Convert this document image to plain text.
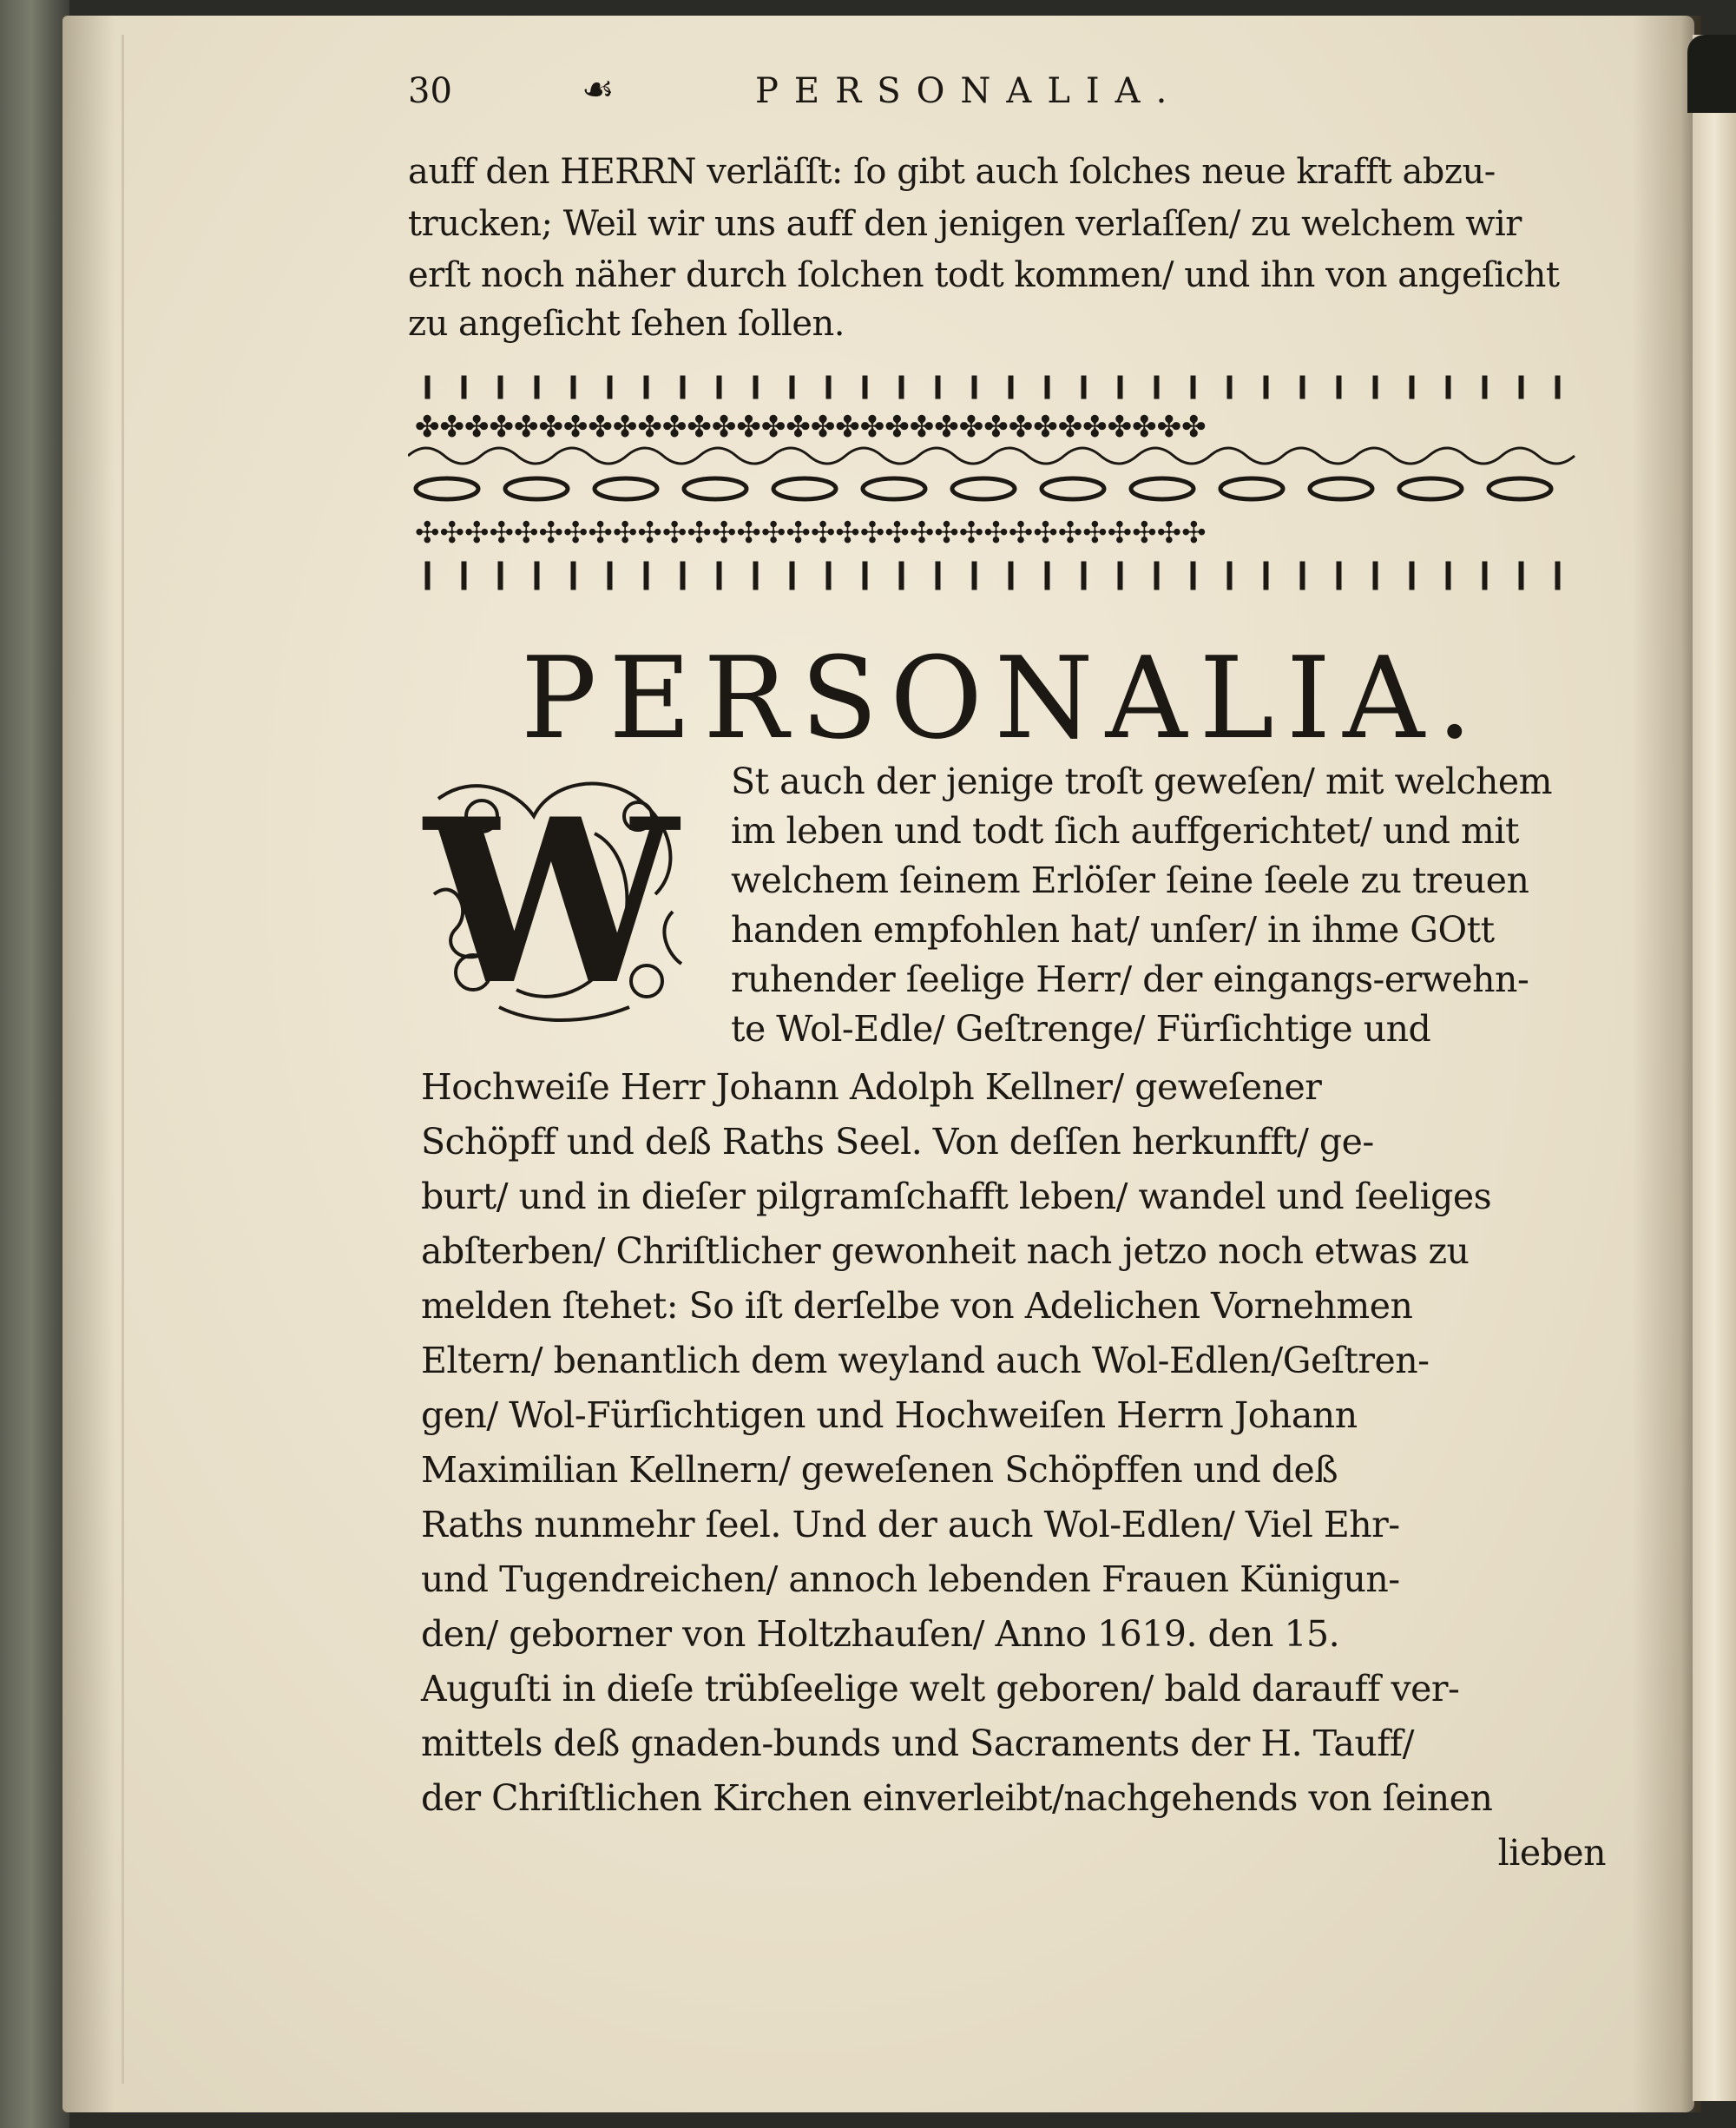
30	☙	PERSONALIA.
auff den HERRN verläſſt: ſo gibt auch ſolches neue krafft abzu‑
trucken; Weil wir uns auff den jenigen verlaſſen/ zu welchem wir
erſt noch näher durch ſolchen todt kommen/ und ihn von angeſicht
zu angeſicht ſehen ſollen.
✤✤✤✤✤✤✤✤✤✤✤✤✤✤✤✤✤✤✤✤✤✤✤✤✤✤✤✤✤✤✤✤
✣✣✣✣✣✣✣✣✣✣✣✣✣✣✣✣✣✣✣✣✣✣✣✣✣✣✣✣✣✣✣✣
PERSONALIA.
W St auch der jenige troſt geweſen/ mit welchem
im leben und todt ſich auffgerichtet/ und mit
welchem ſeinem Erlöſer ſeine ſeele zu treuen
handen empfohlen hat/ unſer/ in ihme GOtt
ruhender ſeelige Herr/ der eingangs‑erwehn‑
te Wol‑Edle/ Geſtrenge/ Fürſichtige und
Hochweiſe Herr Johann Adolph Kellner/ geweſener
Schöpff und deß Raths Seel. Von deſſen herkunfft/ ge‑
burt/ und in dieſer pilgramſchafft leben/ wandel und ſeeliges
abſterben/ Chriſtlicher gewonheit nach jetzo noch etwas zu
melden ſtehet: So iſt derſelbe von Adelichen Vornehmen
Eltern/ benantlich dem weyland auch Wol‑Edlen/Geſtren‑
gen/ Wol‑Fürſichtigen und Hochweiſen Herrn Johann
Maximilian Kellnern/ geweſenen Schöpffen und deß
Raths nunmehr ſeel. Und der auch Wol‑Edlen/ Viel Ehr‑
und Tugendreichen/ annoch lebenden Frauen Künigun‑
den/ geborner von Holtzhauſen/ Anno 1619. den 15.
Auguſti in dieſe trübſeelige welt geboren/ bald darauff ver‑
mittels deß gnaden‑bunds und Sacraments der H. Tauff/
der Chriſtlichen Kirchen einverleibt/nachgehends von ſeinen
lieben
